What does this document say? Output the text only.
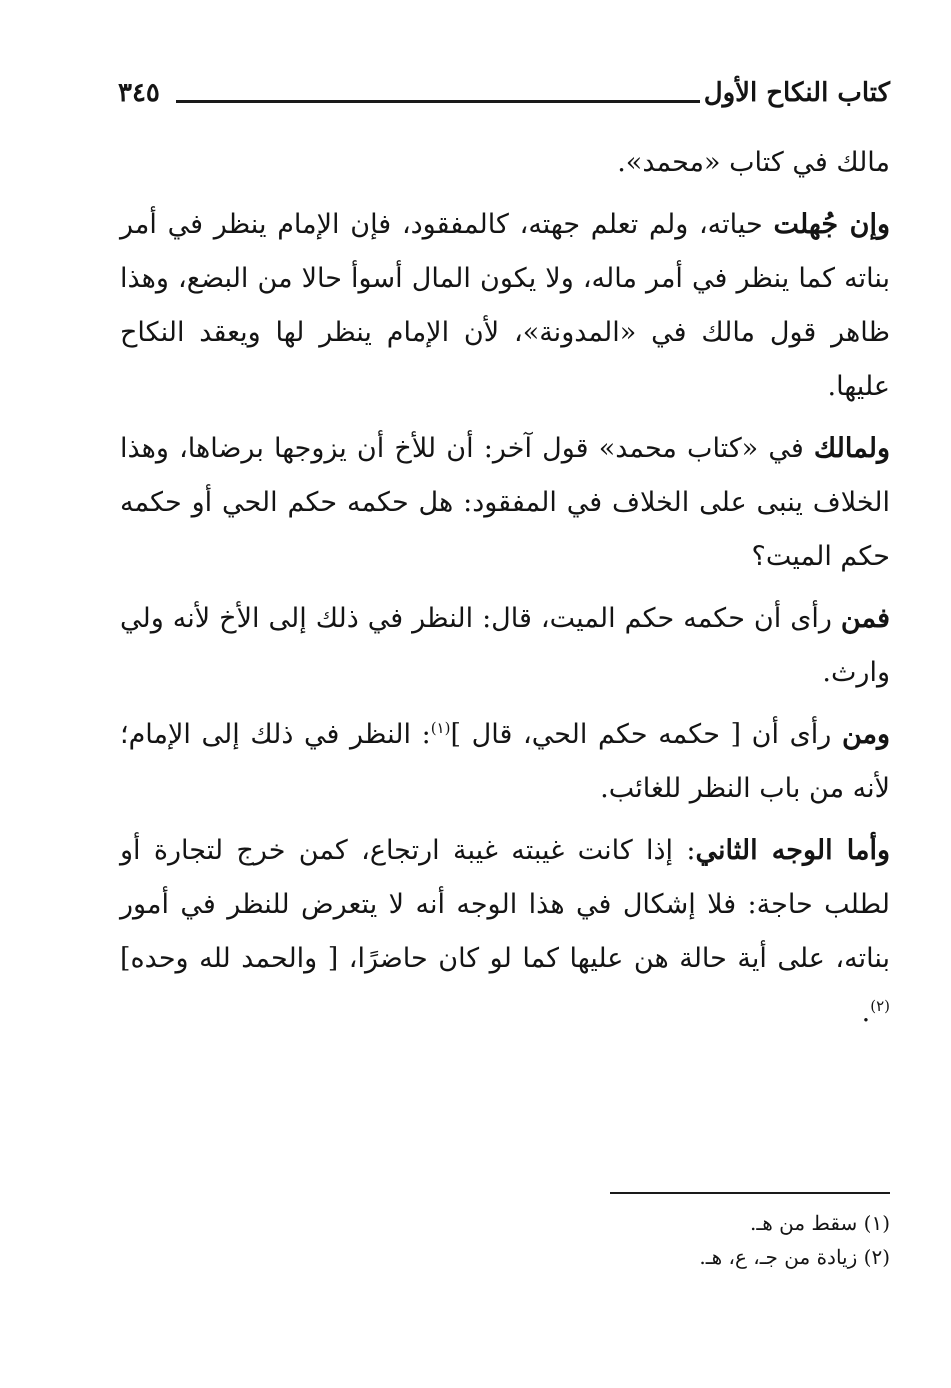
كتاب النكاح الأول
٣٤٥

مالك في كتاب «محمد».

وإن جُهلت حياته، ولم تعلم جهته، كالمفقود، فإن الإمام ينظر في أمر بناته كما ينظر في أمر ماله، ولا يكون المال أسوأ حالا من البضع، وهذا ظاهر قول مالك في «المدونة»، لأن الإمام ينظر لها ويعقد النكاح عليها.

ولمالك في «كتاب محمد» قول آخر: أن للأخ أن يزوجها برضاها، وهذا الخلاف ينبى على الخلاف في المفقود: هل حكمه حكم الحي أو حكمه حكم الميت؟

فمن رأى أن حكمه حكم الميت، قال: النظر في ذلك إلى الأخ لأنه ولي وارث.

ومن رأى أن [ حكمه حكم الحي، قال ]$^{(١)}$: النظر في ذلك إلى الإمام؛ لأنه من باب النظر للغائب.

وأما الوجه الثاني: إذا كانت غيبته غيبة ارتجاع، كمن خرج لتجارة أو لطلب حاجة: فلا إشكال في هذا الوجه أنه لا يتعرض للنظر في أمور بناته، على أية حالة هن عليها كما لو كان حاضرًا، [ والحمد لله وحده]$^{(٢)}$.

(١) سقط من هـ.
(٢) زيادة من جـ، ع، هـ.
